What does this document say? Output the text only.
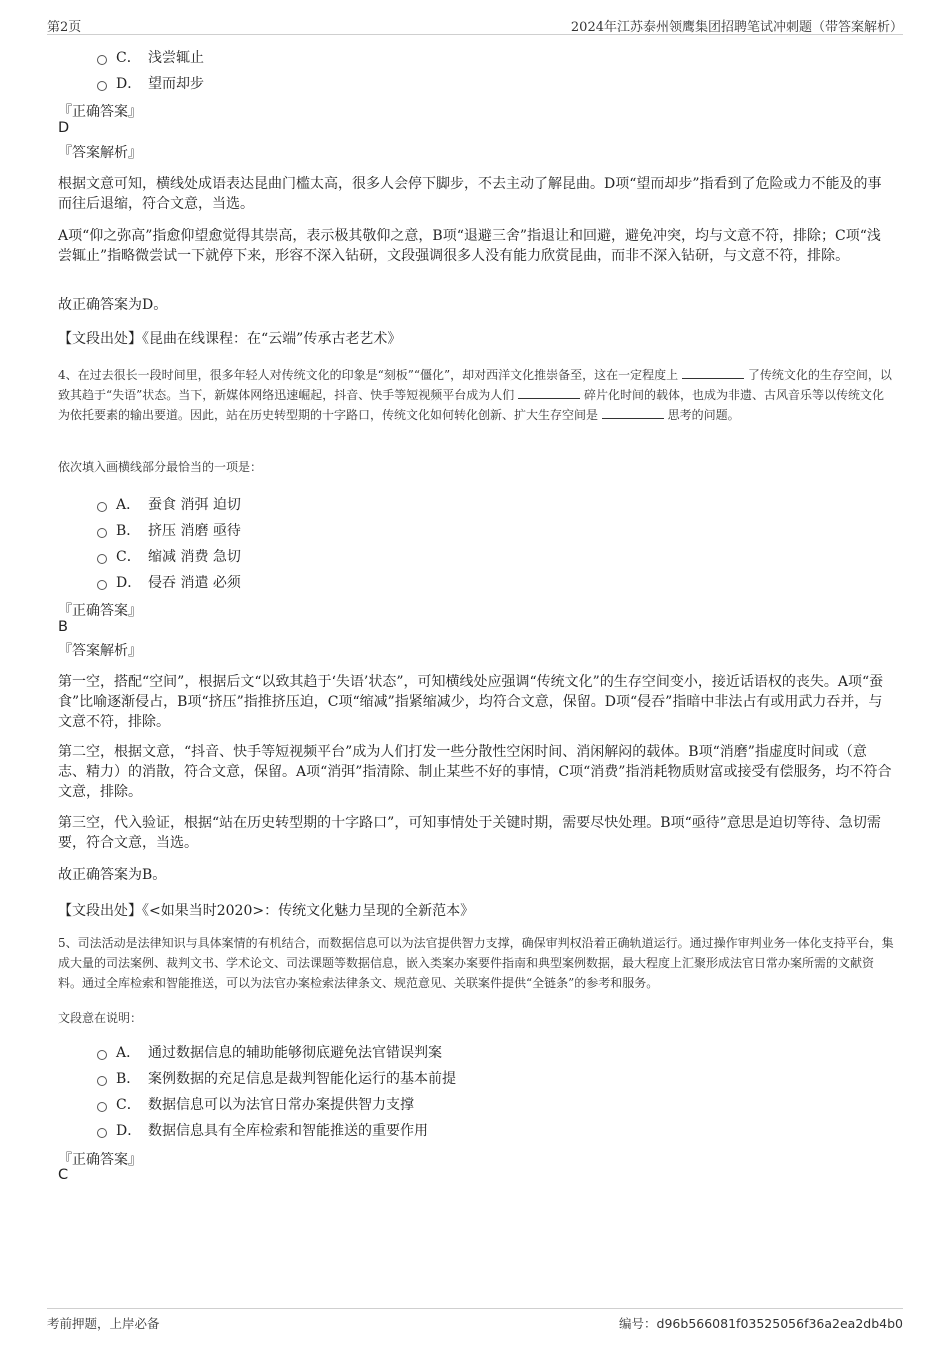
第2页	2024年江苏泰州领鹰集团招聘笔试冲刺题（带答案解析）
C． 浅尝辄止
D． 望而却步
『正确答案』
D
『答案解析』
根据文意可知，横线处成语表达昆曲门槛太高，很多人会停下脚步，不去主动了解昆曲。D项“望而却步”指看到了危险或力不能及的事而往后退缩，符合文意，当选。
A项“仰之弥高”指愈仰望愈觉得其崇高，表示极其敬仰之意，B项“退避三舍”指退让和回避，避免冲突，均与文意不符，排除；C项“浅尝辄止”指略微尝试一下就停下来，形容不深入钻研，文段强调很多人没有能力欣赏昆曲，而非不深入钻研，与文意不符，排除。
故正确答案为D。
【文段出处】《昆曲在线课程：在“云端”传承古老艺术》
4、在过去很长一段时间里，很多年轻人对传统文化的印象是“刻板”“僵化”，却对西洋文化推崇备至，这在一定程度上	了传统文化的生存空间，以致其趋于“失语”状态。当下，新媒体网络迅速崛起，抖音、快手等短视频平台成为人们	碎片化时间的载体，也成为非遗、古风音乐等以传统文化为依托要素的输出要道。因此，站在历史转型期的十字路口，传统文化如何转化创新、扩大生存空间是	思考的问题。
依次填入画横线部分最恰当的一项是：
A． 蚕食 消弭 迫切
B． 挤压 消磨 亟待
C． 缩减 消费 急切
D． 侵吞 消遣 必须
『正确答案』
B
『答案解析』
第一空，搭配“空间”，根据后文“以致其趋于‘失语’状态”，可知横线处应强调“传统文化”的生存空间变小，接近话语权的丧失。A项“蚕食”比喻逐渐侵占，B项“挤压”指推挤压迫，C项“缩减”指紧缩减少，均符合文意，保留。D项“侵吞”指暗中非法占有或用武力吞并，与文意不符，排除。
第二空，根据文意，“抖音、快手等短视频平台”成为人们打发一些分散性空闲时间、消闲解闷的载体。B项“消磨”指虚度时间或（意志、精力）的消散，符合文意，保留。A项“消弭”指清除、制止某些不好的事情，C项“消费”指消耗物质财富或接受有偿服务，均不符合文意，排除。
第三空，代入验证，根据“站在历史转型期的十字路口”，可知事情处于关键时期，需要尽快处理。B项“亟待”意思是迫切等待、急切需要，符合文意，当选。
故正确答案为B。
【文段出处】《<如果当时2020>：传统文化魅力呈现的全新范本》
5、司法活动是法律知识与具体案情的有机结合，而数据信息可以为法官提供智力支撑，确保审判权沿着正确轨道运行。通过操作审判业务一体化支持平台，集成大量的司法案例、裁判文书、学术论文、司法课题等数据信息，嵌入类案办案要件指南和典型案例数据，最大程度上汇聚形成法官日常办案所需的文献资料。通过全库检索和智能推送，可以为法官办案检索法律条文、规范意见、关联案件提供“全链条”的参考和服务。
文段意在说明：
A． 通过数据信息的辅助能够彻底避免法官错误判案
B． 案例数据的充足信息是裁判智能化运行的基本前提
C． 数据信息可以为法官日常办案提供智力支撑
D． 数据信息具有全库检索和智能推送的重要作用
『正确答案』
C
考前押题，上岸必备	编号：d96b566081f03525056f36a2ea2db4b0
